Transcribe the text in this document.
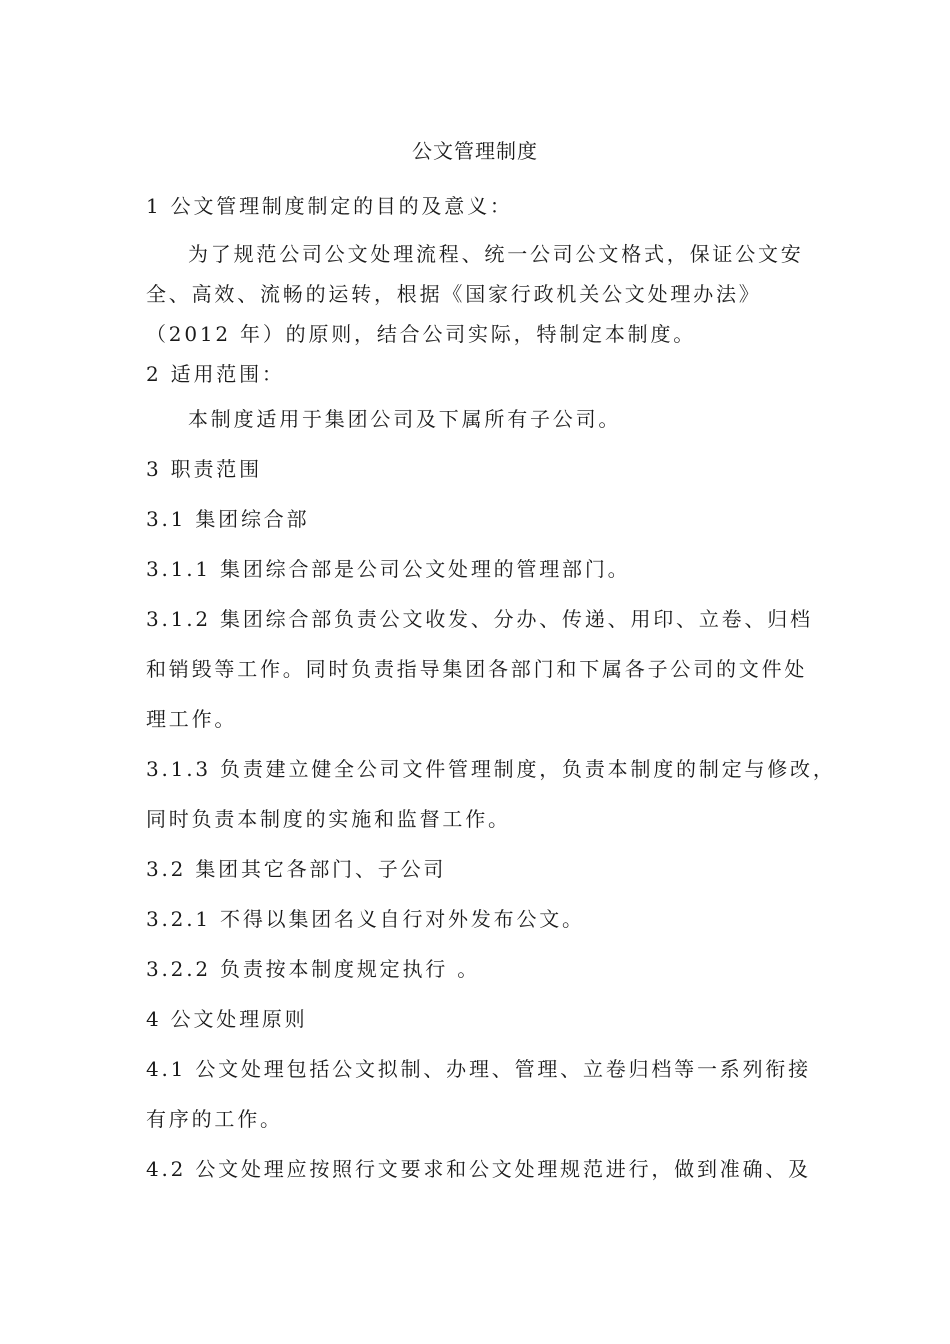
公文管理制度

1 公文管理制度制定的目的及意义：

为了规范公司公文处理流程、统一公司公文格式，保证公文安
全、高效、流畅的运转，根据《国家行政机关公文处理办法》
（2012 年）的原则，结合公司实际，特制定本制度。

2 适用范围：

本制度适用于集团公司及下属所有子公司。

3 职责范围

3.1 集团综合部

3.1.1 集团综合部是公司公文处理的管理部门。

3.1.2 集团综合部负责公文收发、分办、传递、用印、立卷、归档
和销毁等工作。同时负责指导集团各部门和下属各子公司的文件处
理工作。

3.1.3 负责建立健全公司文件管理制度，负责本制度的制定与修改，
同时负责本制度的实施和监督工作。

3.2 集团其它各部门、子公司

3.2.1 不得以集团名义自行对外发布公文。

3.2.2 负责按本制度规定执行 。

4 公文处理原则

4.1 公文处理包括公文拟制、办理、管理、立卷归档等一系列衔接
有序的工作。

4.2 公文处理应按照行文要求和公文处理规范进行，做到准确、及
